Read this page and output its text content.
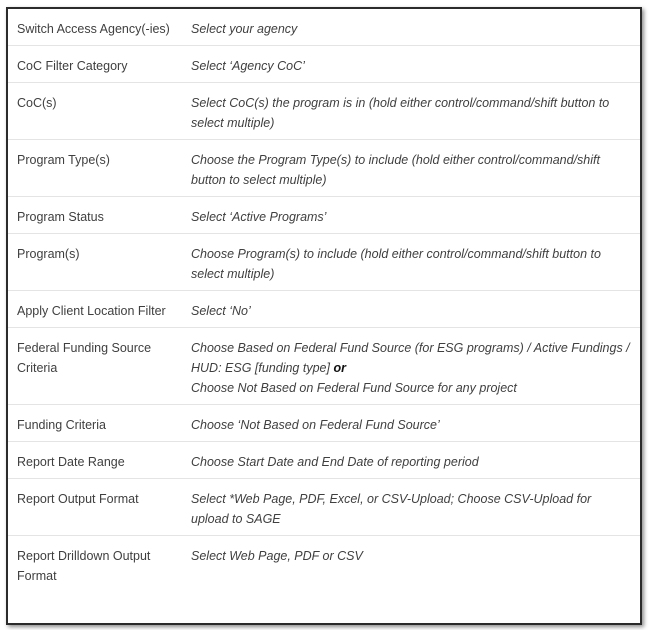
Switch Access Agency(-ies)	Select your agency
CoC Filter Category	Select ‘Agency CoC’
CoC(s)	Select CoC(s) the program is in (hold either control/command/shift button to select multiple)
Program Type(s)	Choose the Program Type(s) to include (hold either control/command/shift button to select multiple)
Program Status	Select ‘Active Programs’
Program(s)	Choose Program(s) to include (hold either control/command/shift button to select multiple)
Apply Client Location Filter	Select ‘No’
Federal Funding Source Criteria	Choose Based on Federal Fund Source (for ESG programs) / Active Fundings / HUD: ESG [funding type] or
Choose Not Based on Federal Fund Source for any project
Funding Criteria	Choose ‘Not Based on Federal Fund Source’
Report Date Range	Choose Start Date and End Date of reporting period
Report Output Format	Select *Web Page, PDF, Excel, or CSV-Upload; Choose CSV-Upload for upload to SAGE
Report Drilldown Output Format	Select Web Page, PDF or CSV
